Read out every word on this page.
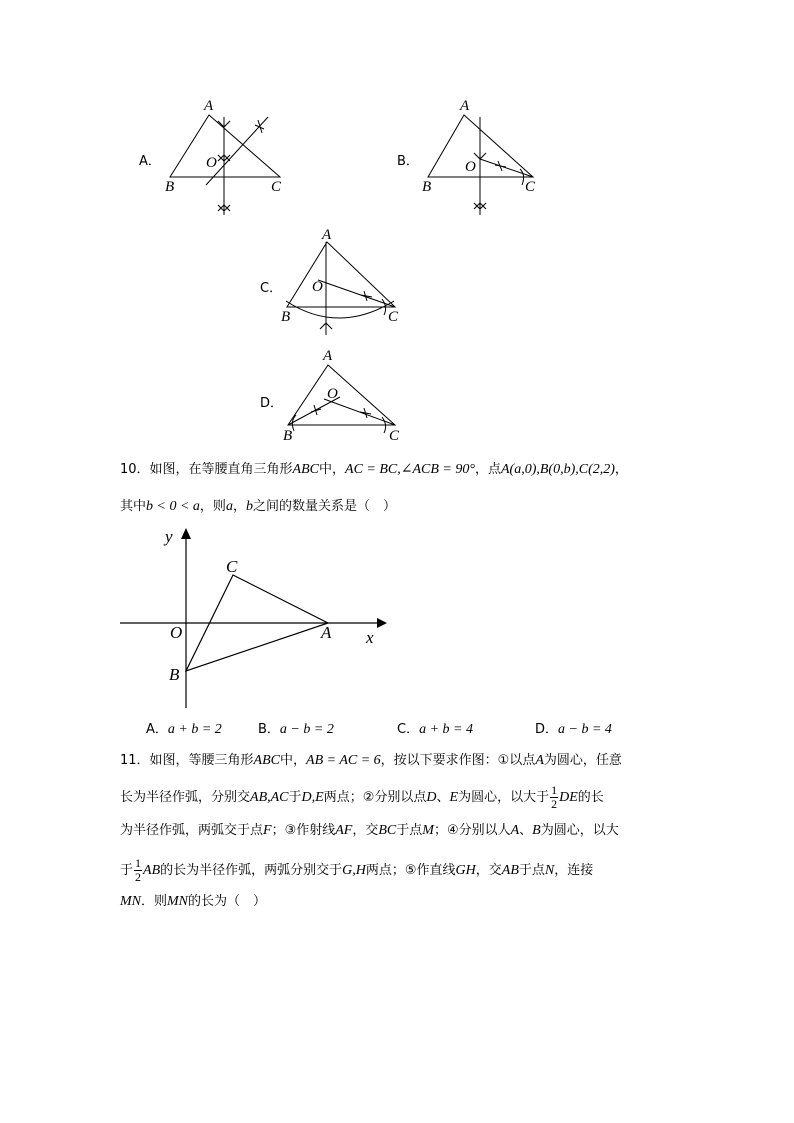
A．
A
B	C
O	B．
A
B	C
O
C．
A
B	C
O
D．
A
B	C
O
10．如图，在等腰直角三角形ABC中，AC = BC,∠ACB = 90°，点A(a,0),B(0,b),C(2,2)，
其中b < 0 < a，则a，b之间的数量关系是（　）
y
x
O	A
B
C
A．a + b = 2	B．a − b = 2	C．a + b = 4	D．a − b = 4
11．如图，等腰三角形ABC中，AB = AC = 6，按以下要求作图：①以点A为圆心，任意
长为半径作弧，分别交AB,AC于D,E两点；②分别以点D、E为圆心，以大于 $\frac{1}{2}$ DE的长
为半径作弧，两弧交于点F；③作射线AF，交BC于点M；④分别以人A、B为圆心，以大
于 $\frac{1}{2}$ AB的长为半径作弧，两弧分别交于G,H两点；⑤作直线GH，交AB于点N，连接
MN．则MN的长为（　）
